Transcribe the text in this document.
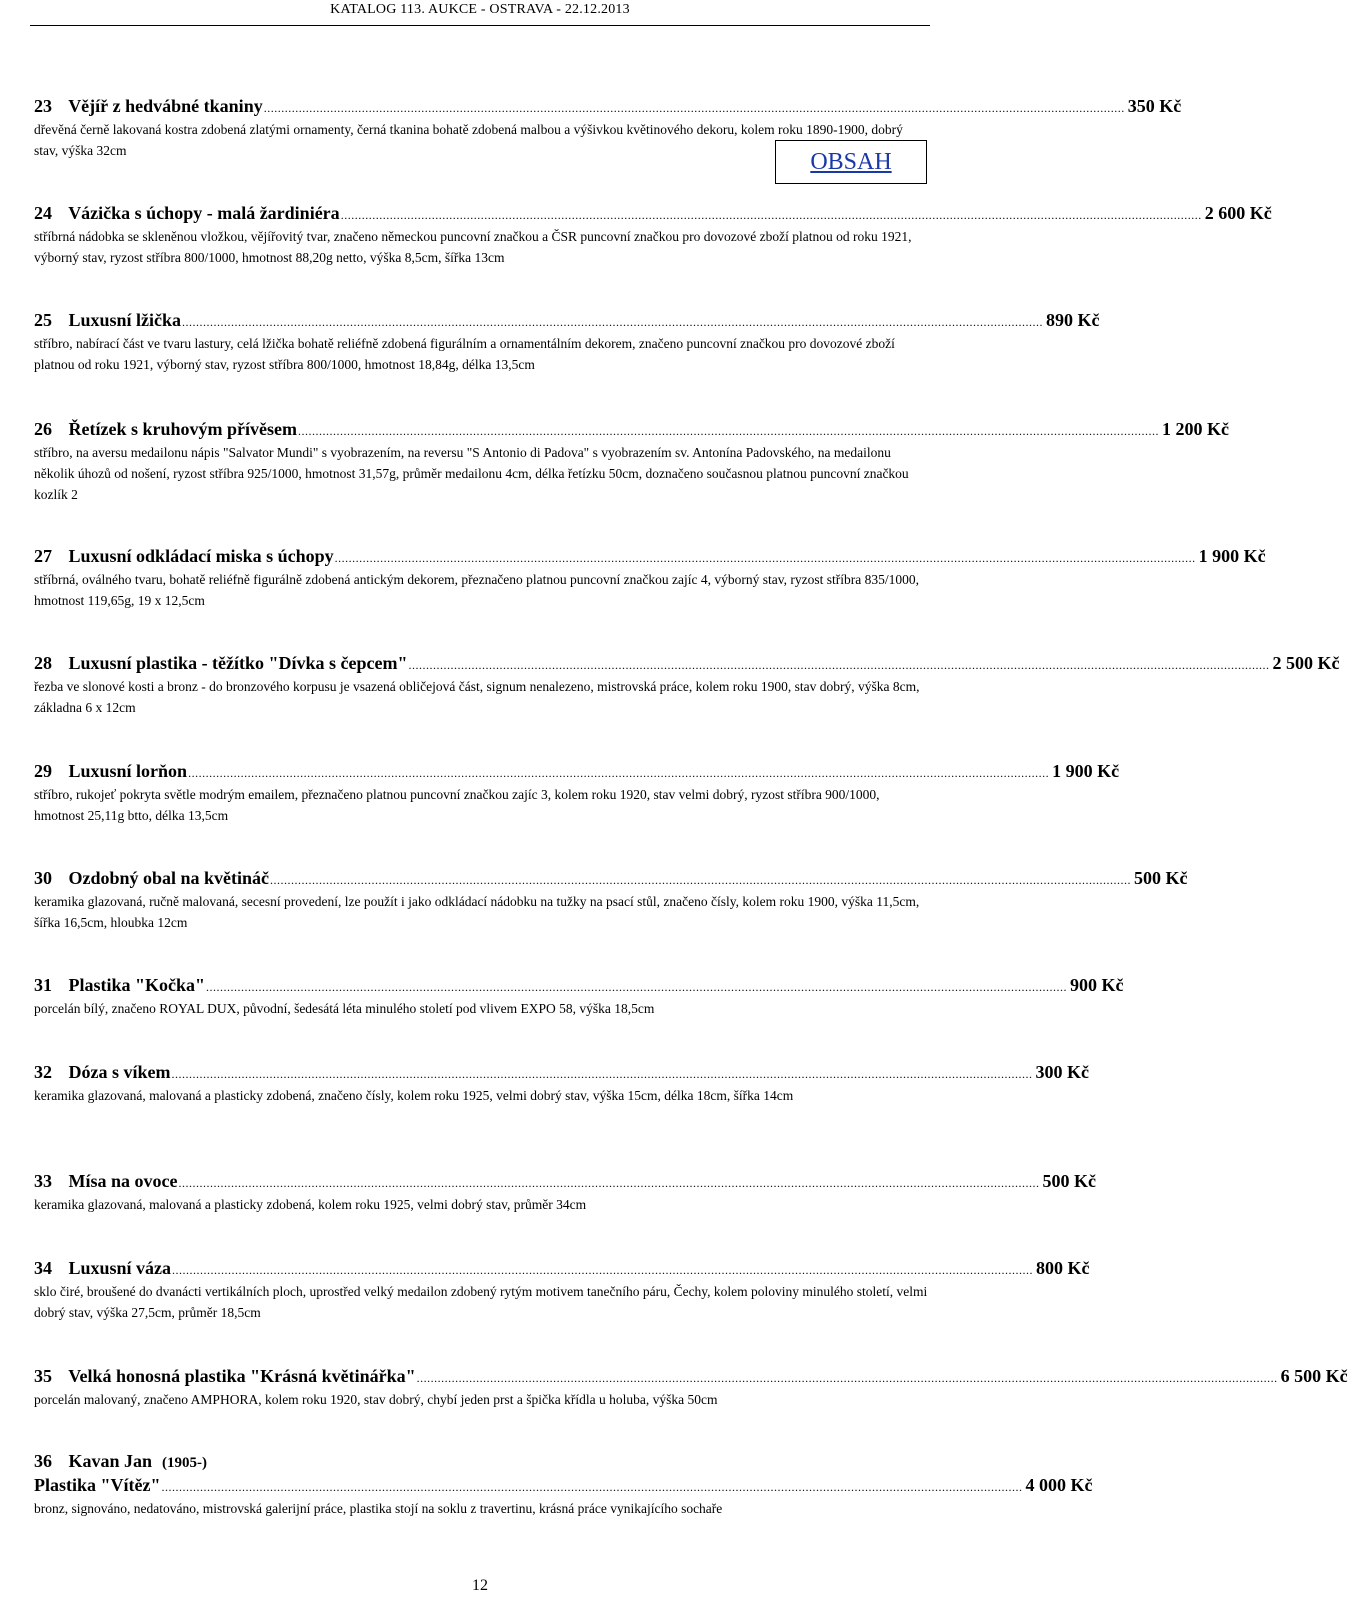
KATALOG 113. AUKCE - OSTRAVA - 22.12.2013
23 Vějíř z hedvábné tkaniny ...................................................................................................................................................................................................................................................... 350 Kč
dřevěná černě lakovaná kostra zdobená zlatými ornamenty, černá tkanina bohatě zdobená malbou a výšivkou květinového dekoru, kolem roku 1890-1900, dobrý stav, výška 32cm	OBSAH
24 Vázička s úchopy - malá žardiniéra ...................................................................................................................................................................................................................................................... 2 600 Kč
stříbrná nádobka se skleněnou vložkou, vějířovitý tvar, značeno německou puncovní značkou a ČSR puncovní značkou pro dovozové zboží platnou od roku 1921, výborný stav, ryzost stříbra 800/1000, hmotnost 88,20g netto, výška 8,5cm, šířka 13cm
25 Luxusní lžička ...................................................................................................................................................................................................................................................... 890 Kč
stříbro, nabírací část ve tvaru lastury, celá lžička bohatě reliéfně zdobená figurálním a ornamentálním dekorem, značeno puncovní značkou pro dovozové zboží platnou od roku 1921, výborný stav, ryzost stříbra 800/1000, hmotnost 18,84g, délka 13,5cm
26 Řetízek s kruhovým přívěsem ...................................................................................................................................................................................................................................................... 1 200 Kč
stříbro, na aversu medailonu nápis "Salvator Mundi" s vyobrazením, na reversu "S Antonio di Padova" s vyobrazením sv. Antonína Padovského, na medailonu několik úhozů od nošení, ryzost stříbra 925/1000, hmotnost 31,57g, průměr medailonu 4cm, délka řetízku 50cm, doznačeno současnou platnou puncovní značkou kozlík 2
27 Luxusní odkládací miska s úchopy ...................................................................................................................................................................................................................................................... 1 900 Kč
stříbrná, oválného tvaru, bohatě reliéfně figurálně zdobená antickým dekorem, přeznačeno platnou puncovní značkou zajíc 4, výborný stav, ryzost stříbra 835/1000, hmotnost 119,65g, 19 x 12,5cm
28 Luxusní plastika - těžítko "Dívka s čepcem" ...................................................................................................................................................................................................................................................... 2 500 Kč
řezba ve slonové kosti a bronz - do bronzového korpusu je vsazená obličejová část, signum nenalezeno, mistrovská práce, kolem roku 1900, stav dobrý, výška 8cm, základna 6 x 12cm
29 Luxusní lorňon ...................................................................................................................................................................................................................................................... 1 900 Kč
stříbro, rukojeť pokryta světle modrým emailem, přeznačeno platnou puncovní značkou zajíc 3, kolem roku 1920, stav velmi dobrý, ryzost stříbra 900/1000, hmotnost 25,11g btto, délka 13,5cm
30 Ozdobný obal na květináč ...................................................................................................................................................................................................................................................... 500 Kč
keramika glazovaná, ručně malovaná, secesní provedení, lze použít i jako odkládací nádobku na tužky na psací stůl, značeno čísly, kolem roku 1900, výška 11,5cm, šířka 16,5cm, hloubka 12cm
31 Plastika "Kočka" ...................................................................................................................................................................................................................................................... 900 Kč
porcelán bílý, značeno ROYAL DUX, původní, šedesátá léta minulého století pod vlivem EXPO 58, výška 18,5cm
32 Dóza s víkem ...................................................................................................................................................................................................................................................... 300 Kč
keramika glazovaná, malovaná a plasticky zdobená, značeno čísly, kolem roku 1925, velmi dobrý stav, výška 15cm, délka 18cm, šířka 14cm
33 Mísa na ovoce ...................................................................................................................................................................................................................................................... 500 Kč
keramika glazovaná, malovaná a plasticky zdobená, kolem roku 1925, velmi dobrý stav, průměr 34cm
34 Luxusní váza ...................................................................................................................................................................................................................................................... 800 Kč
sklo čiré, broušené do dvanácti vertikálních ploch, uprostřed velký medailon zdobený rytým motivem tanečního páru, Čechy, kolem poloviny minulého století, velmi dobrý stav, výška 27,5cm, průměr 18,5cm
35 Velká honosná plastika "Krásná květinářka" ...................................................................................................................................................................................................................................................... 6 500 Kč
porcelán malovaný, značeno AMPHORA, kolem roku 1920, stav dobrý, chybí jeden prst a špička křídla u holuba, výška 50cm
36 Kavan Jan (1905-)
Plastika "Vítěz" ...................................................................................................................................................................................................................................................... 4 000 Kč
bronz, signováno, nedatováno, mistrovská galerijní práce, plastika stojí na soklu z travertinu, krásná práce vynikajícího sochaře
12
